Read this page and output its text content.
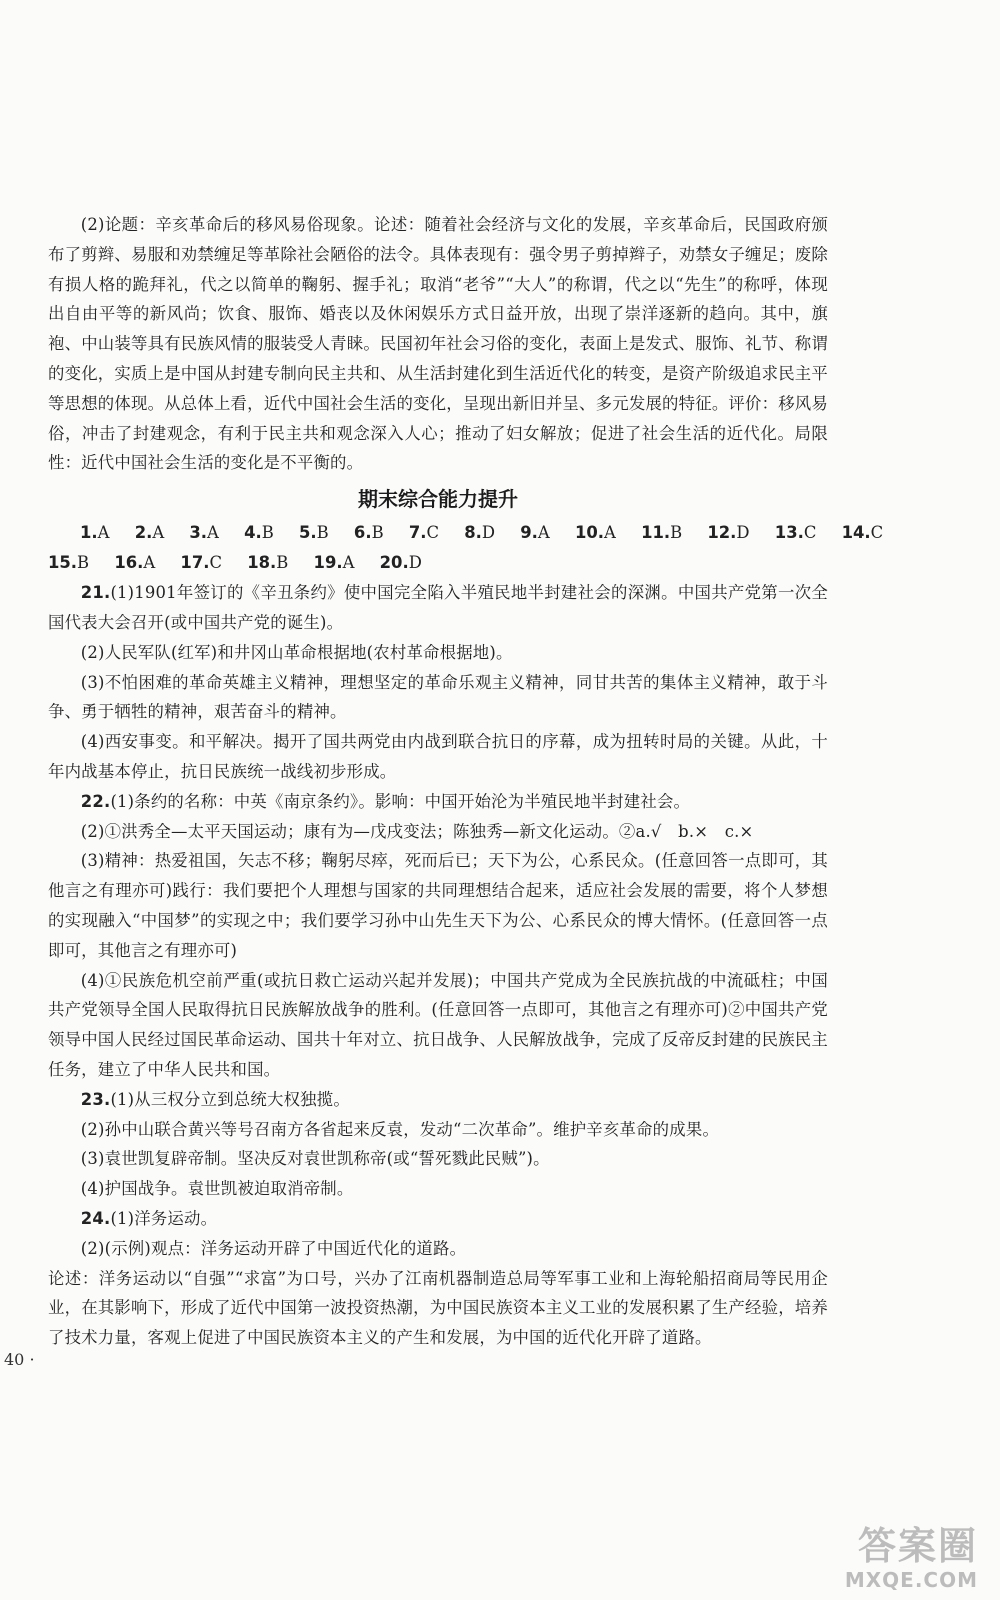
(2)论题：辛亥革命后的移风易俗现象。论述：随着社会经济与文化的发展，辛亥革命后，民国政府颁布了剪辫、易服和劝禁缠足等革除社会陋俗的法令。具体表现有：强令男子剪掉辫子，劝禁女子缠足；废除有损人格的跪拜礼，代之以简单的鞠躬、握手礼；取消“老爷”“大人”的称谓，代之以“先生”的称呼，体现出自由平等的新风尚；饮食、服饰、婚丧以及休闲娱乐方式日益开放，出现了崇洋逐新的趋向。其中，旗袍、中山装等具有民族风情的服装受人青睐。民国初年社会习俗的变化，表面上是发式、服饰、礼节、称谓的变化，实质上是中国从封建专制向民主共和、从生活封建化到生活近代化的转变，是资产阶级追求民主平等思想的体现。从总体上看，近代中国社会生活的变化，呈现出新旧并呈、多元发展的特征。评价：移风易俗，冲击了封建观念，有利于民主共和观念深入人心；推动了妇女解放；促进了社会生活的近代化。局限性：近代中国社会生活的变化是不平衡的。

期末综合能力提升
1.A 2.A 3.A 4.B 5.B 6.B 7.C 8.D 9.A 10.A 11.B 12.D 13.C 14.C
15.B 16.A 17.C 18.B 19.A 20.D

21.(1)1901年签订的《辛丑条约》使中国完全陷入半殖民地半封建社会的深渊。中国共产党第一次全国代表大会召开(或中国共产党的诞生)。

(2)人民军队(红军)和井冈山革命根据地(农村革命根据地)。

(3)不怕困难的革命英雄主义精神，理想坚定的革命乐观主义精神，同甘共苦的集体主义精神，敢于斗争、勇于牺牲的精神，艰苦奋斗的精神。

(4)西安事变。和平解决。揭开了国共两党由内战到联合抗日的序幕，成为扭转时局的关键。从此，十年内战基本停止，抗日民族统一战线初步形成。

22.(1)条约的名称：中英《南京条约》。影响：中国开始沦为半殖民地半封建社会。

(2)①洪秀全—太平天国运动；康有为—戊戌变法；陈独秀—新文化运动。②a.√　b.×　c.×

(3)精神：热爱祖国，矢志不移；鞠躬尽瘁，死而后已；天下为公，心系民众。(任意回答一点即可，其他言之有理亦可)践行：我们要把个人理想与国家的共同理想结合起来，适应社会发展的需要，将个人梦想的实现融入“中国梦”的实现之中；我们要学习孙中山先生天下为公、心系民众的博大情怀。(任意回答一点即可，其他言之有理亦可)

(4)①民族危机空前严重(或抗日救亡运动兴起并发展)；中国共产党成为全民族抗战的中流砥柱；中国共产党领导全国人民取得抗日民族解放战争的胜利。(任意回答一点即可，其他言之有理亦可)②中国共产党领导中国人民经过国民革命运动、国共十年对立、抗日战争、人民解放战争，完成了反帝反封建的民族民主任务，建立了中华人民共和国。

23.(1)从三权分立到总统大权独揽。

(2)孙中山联合黄兴等号召南方各省起来反袁，发动“二次革命”。维护辛亥革命的成果。

(3)袁世凯复辟帝制。坚决反对袁世凯称帝(或“誓死戮此民贼”)。

(4)护国战争。袁世凯被迫取消帝制。

24.(1)洋务运动。

(2)(示例)观点：洋务运动开辟了中国近代化的道路。

论述：洋务运动以“自强”“求富”为口号，兴办了江南机器制造总局等军事工业和上海轮船招商局等民用企业，在其影响下，形成了近代中国第一波投资热潮，为中国民族资本主义工业的发展积累了生产经验，培养了技术力量，客观上促进了中国民族资本主义的产生和发展，为中国的近代化开辟了道路。

40 ·
答案圈
MXQE.COM
